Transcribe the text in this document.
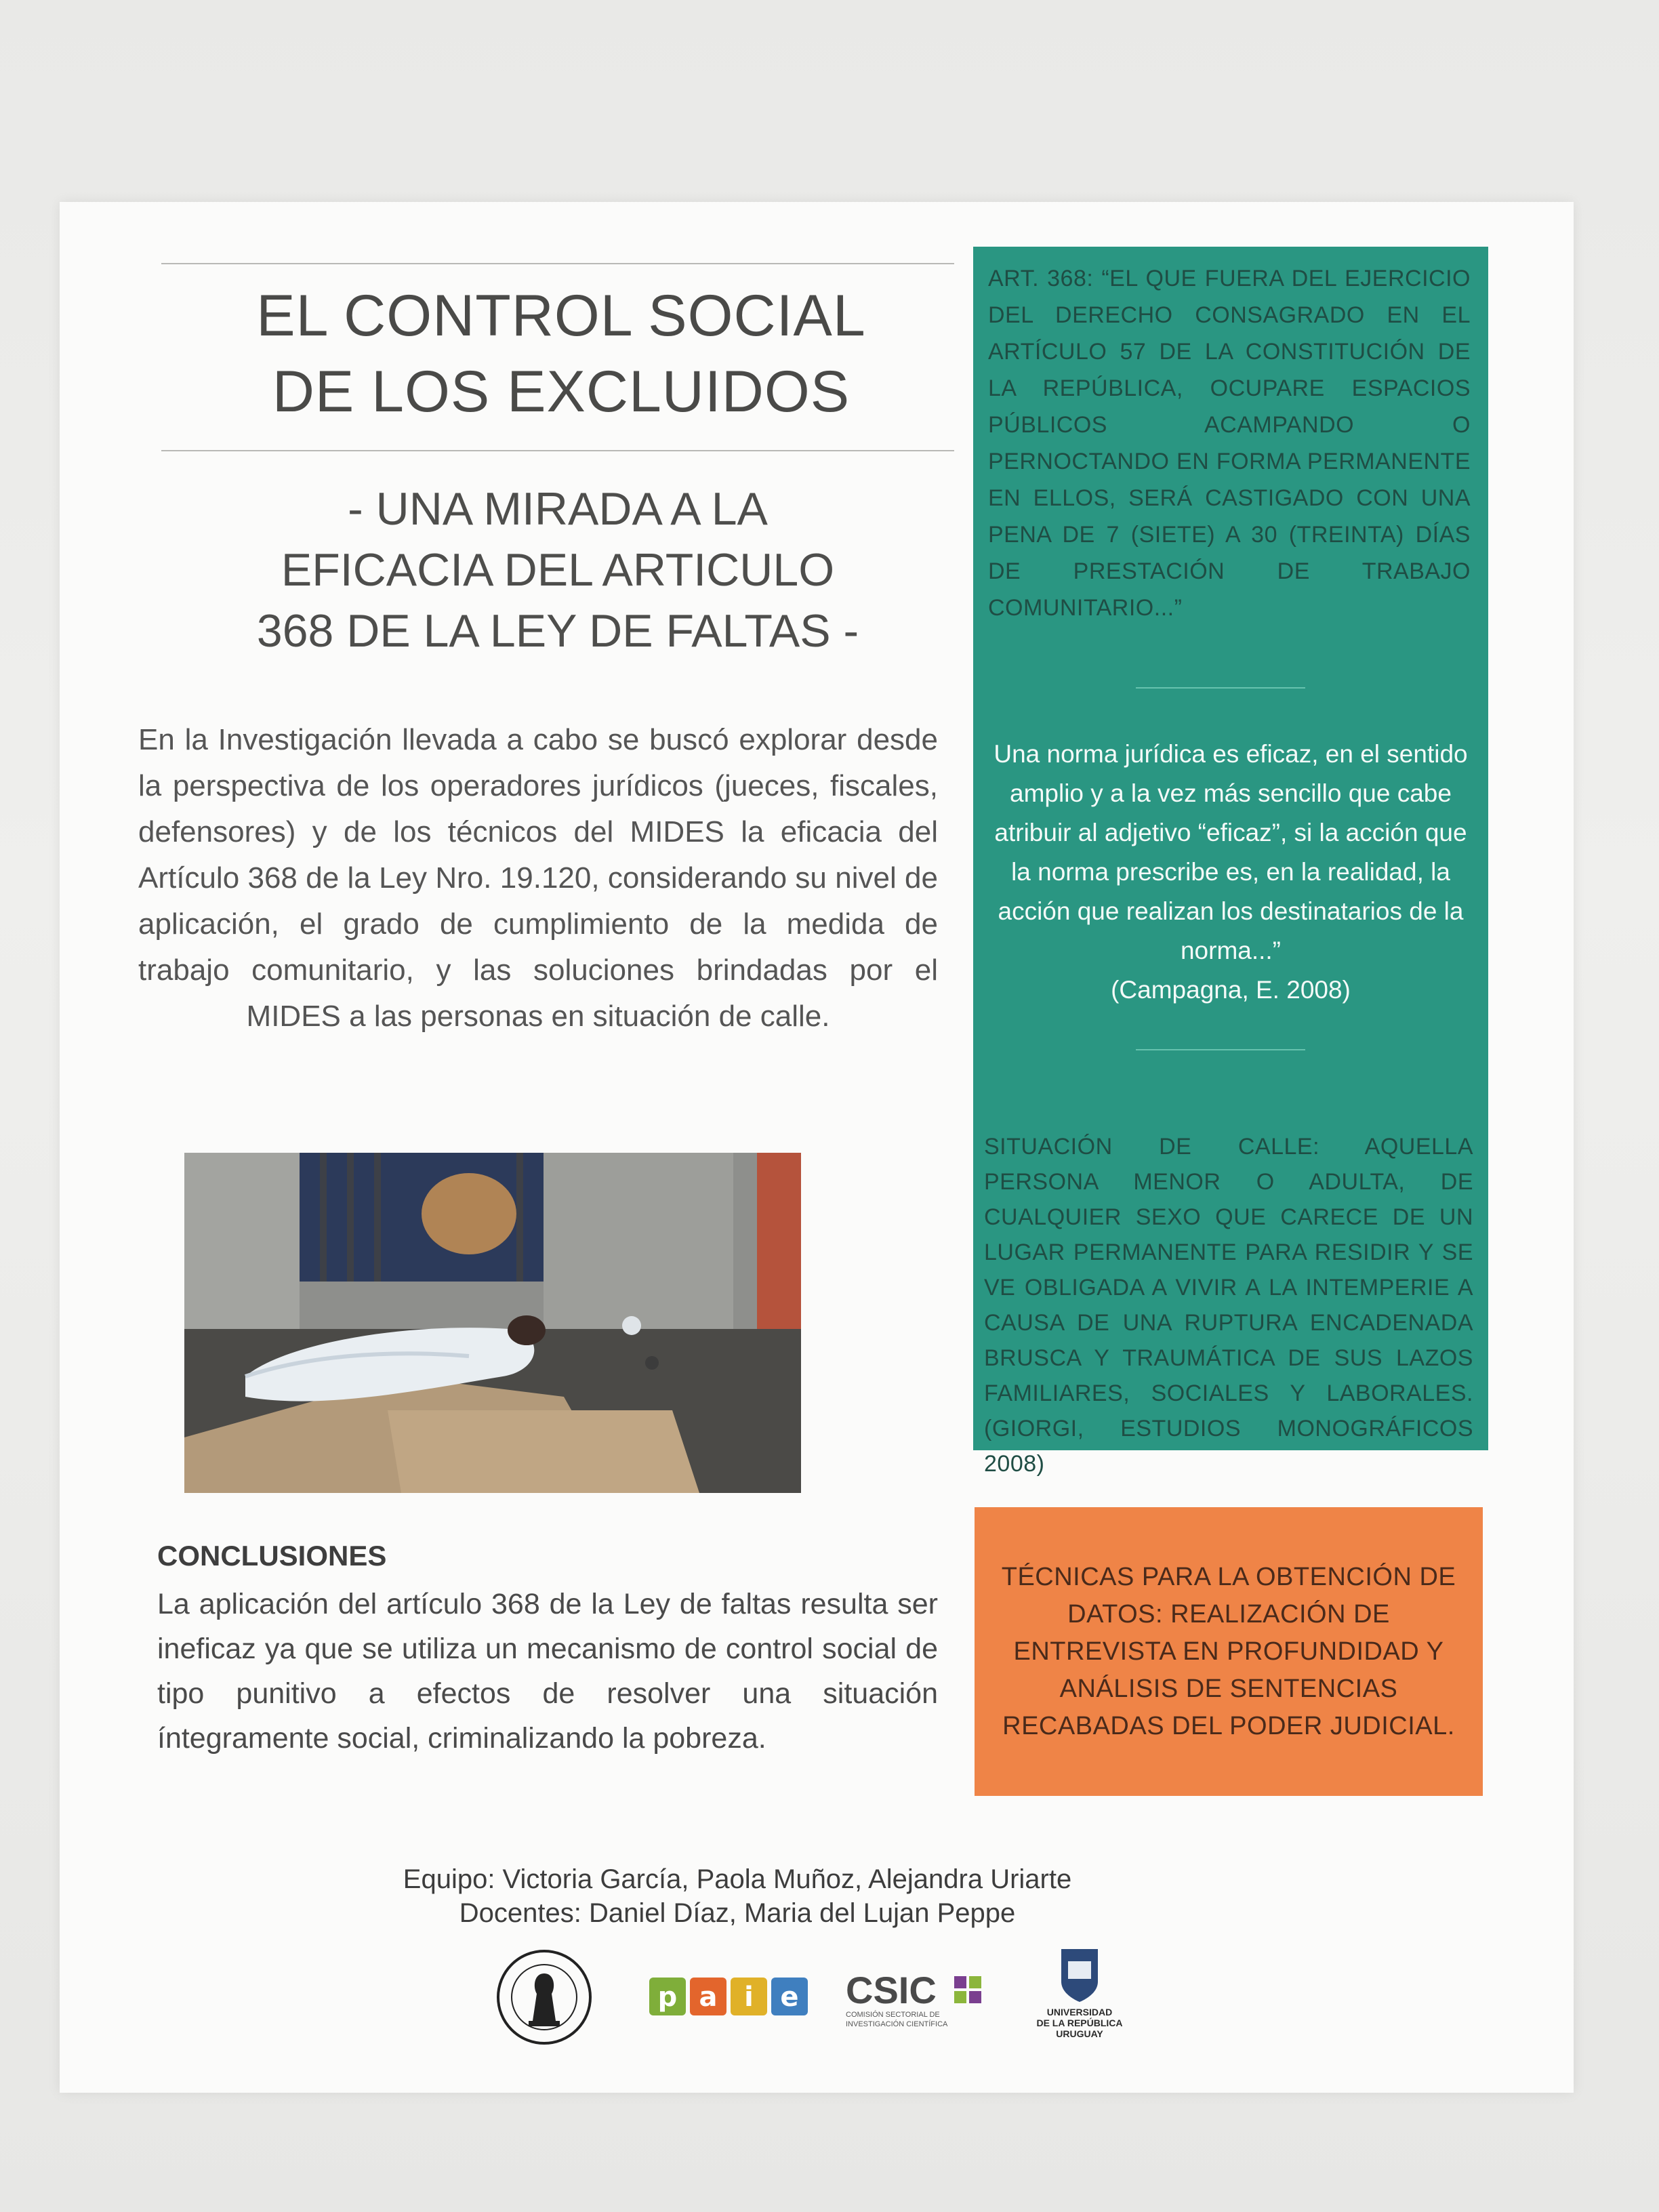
EL CONTROL SOCIAL
DE LOS EXCLUIDOS
- UNA MIRADA A LA
EFICACIA DEL ARTICULO
368 DE LA LEY DE FALTAS -
En la Investigación llevada a cabo se buscó explorar desde la perspectiva de los operadores jurídicos (jueces, fiscales, defensores) y de los técnicos del MIDES la eficacia del Artículo 368 de la Ley Nro. 19.120, considerando su nivel de aplicación, el grado de cumplimiento de la medida de trabajo comunitario, y las soluciones brindadas por el MIDES a las personas en situación de calle.
CONCLUSIONES
La aplicación del artículo 368 de la Ley de faltas resulta ser ineficaz ya que se utiliza un mecanismo de control social de tipo punitivo a efectos de resolver una situación íntegramente social, criminalizando la pobreza.
ART. 368: “EL QUE FUERA DEL EJERCICIO DEL DERECHO CONSAGRADO EN EL ARTÍCULO 57 DE LA CONSTITUCIÓN DE LA REPÚBLICA, OCUPARE ESPACIOS PÚBLICOS ACAMPANDO O PERNOCTANDO EN FORMA PERMANENTE EN ELLOS, SERÁ CASTIGADO CON UNA PENA DE 7 (SIETE) A 30 (TREINTA) DÍAS DE PRESTACIÓN DE TRABAJO COMUNITARIO...”
Una norma jurídica es eficaz, en el sentido amplio y a la vez más sencillo que cabe atribuir al adjetivo “eficaz”, si la acción que la norma prescribe es, en la realidad, la acción que realizan los destinatarios de la norma...”
(Campagna, E. 2008)
SITUACIÓN DE CALLE: AQUELLA PERSONA MENOR O ADULTA, DE CUALQUIER SEXO QUE CARECE DE UN LUGAR PERMANENTE PARA RESIDIR Y SE VE OBLIGADA A VIVIR A LA INTEMPERIE A CAUSA DE UNA RUPTURA ENCADENADA BRUSCA Y TRAUMÁTICA DE SUS LAZOS FAMILIARES, SOCIALES Y LABORALES. (GIORGI, ESTUDIOS MONOGRÁFICOS 2008)
TÉCNICAS PARA LA OBTENCIÓN DE DATOS: REALIZACIÓN DE ENTREVISTA EN PROFUNDIDAD Y ANÁLISIS DE SENTENCIAS RECABADAS DEL PODER JUDICIAL.
Equipo: Victoria García, Paola Muñoz, Alejandra Uriarte
Docentes: Daniel Díaz, Maria del Lujan Peppe
p a i e CSIC
COMISIÓN SECTORIAL DE
INVESTIGACIÓN CIENTÍFICA
UNIVERSIDAD
DE LA REPÚBLICA
URUGUAY
